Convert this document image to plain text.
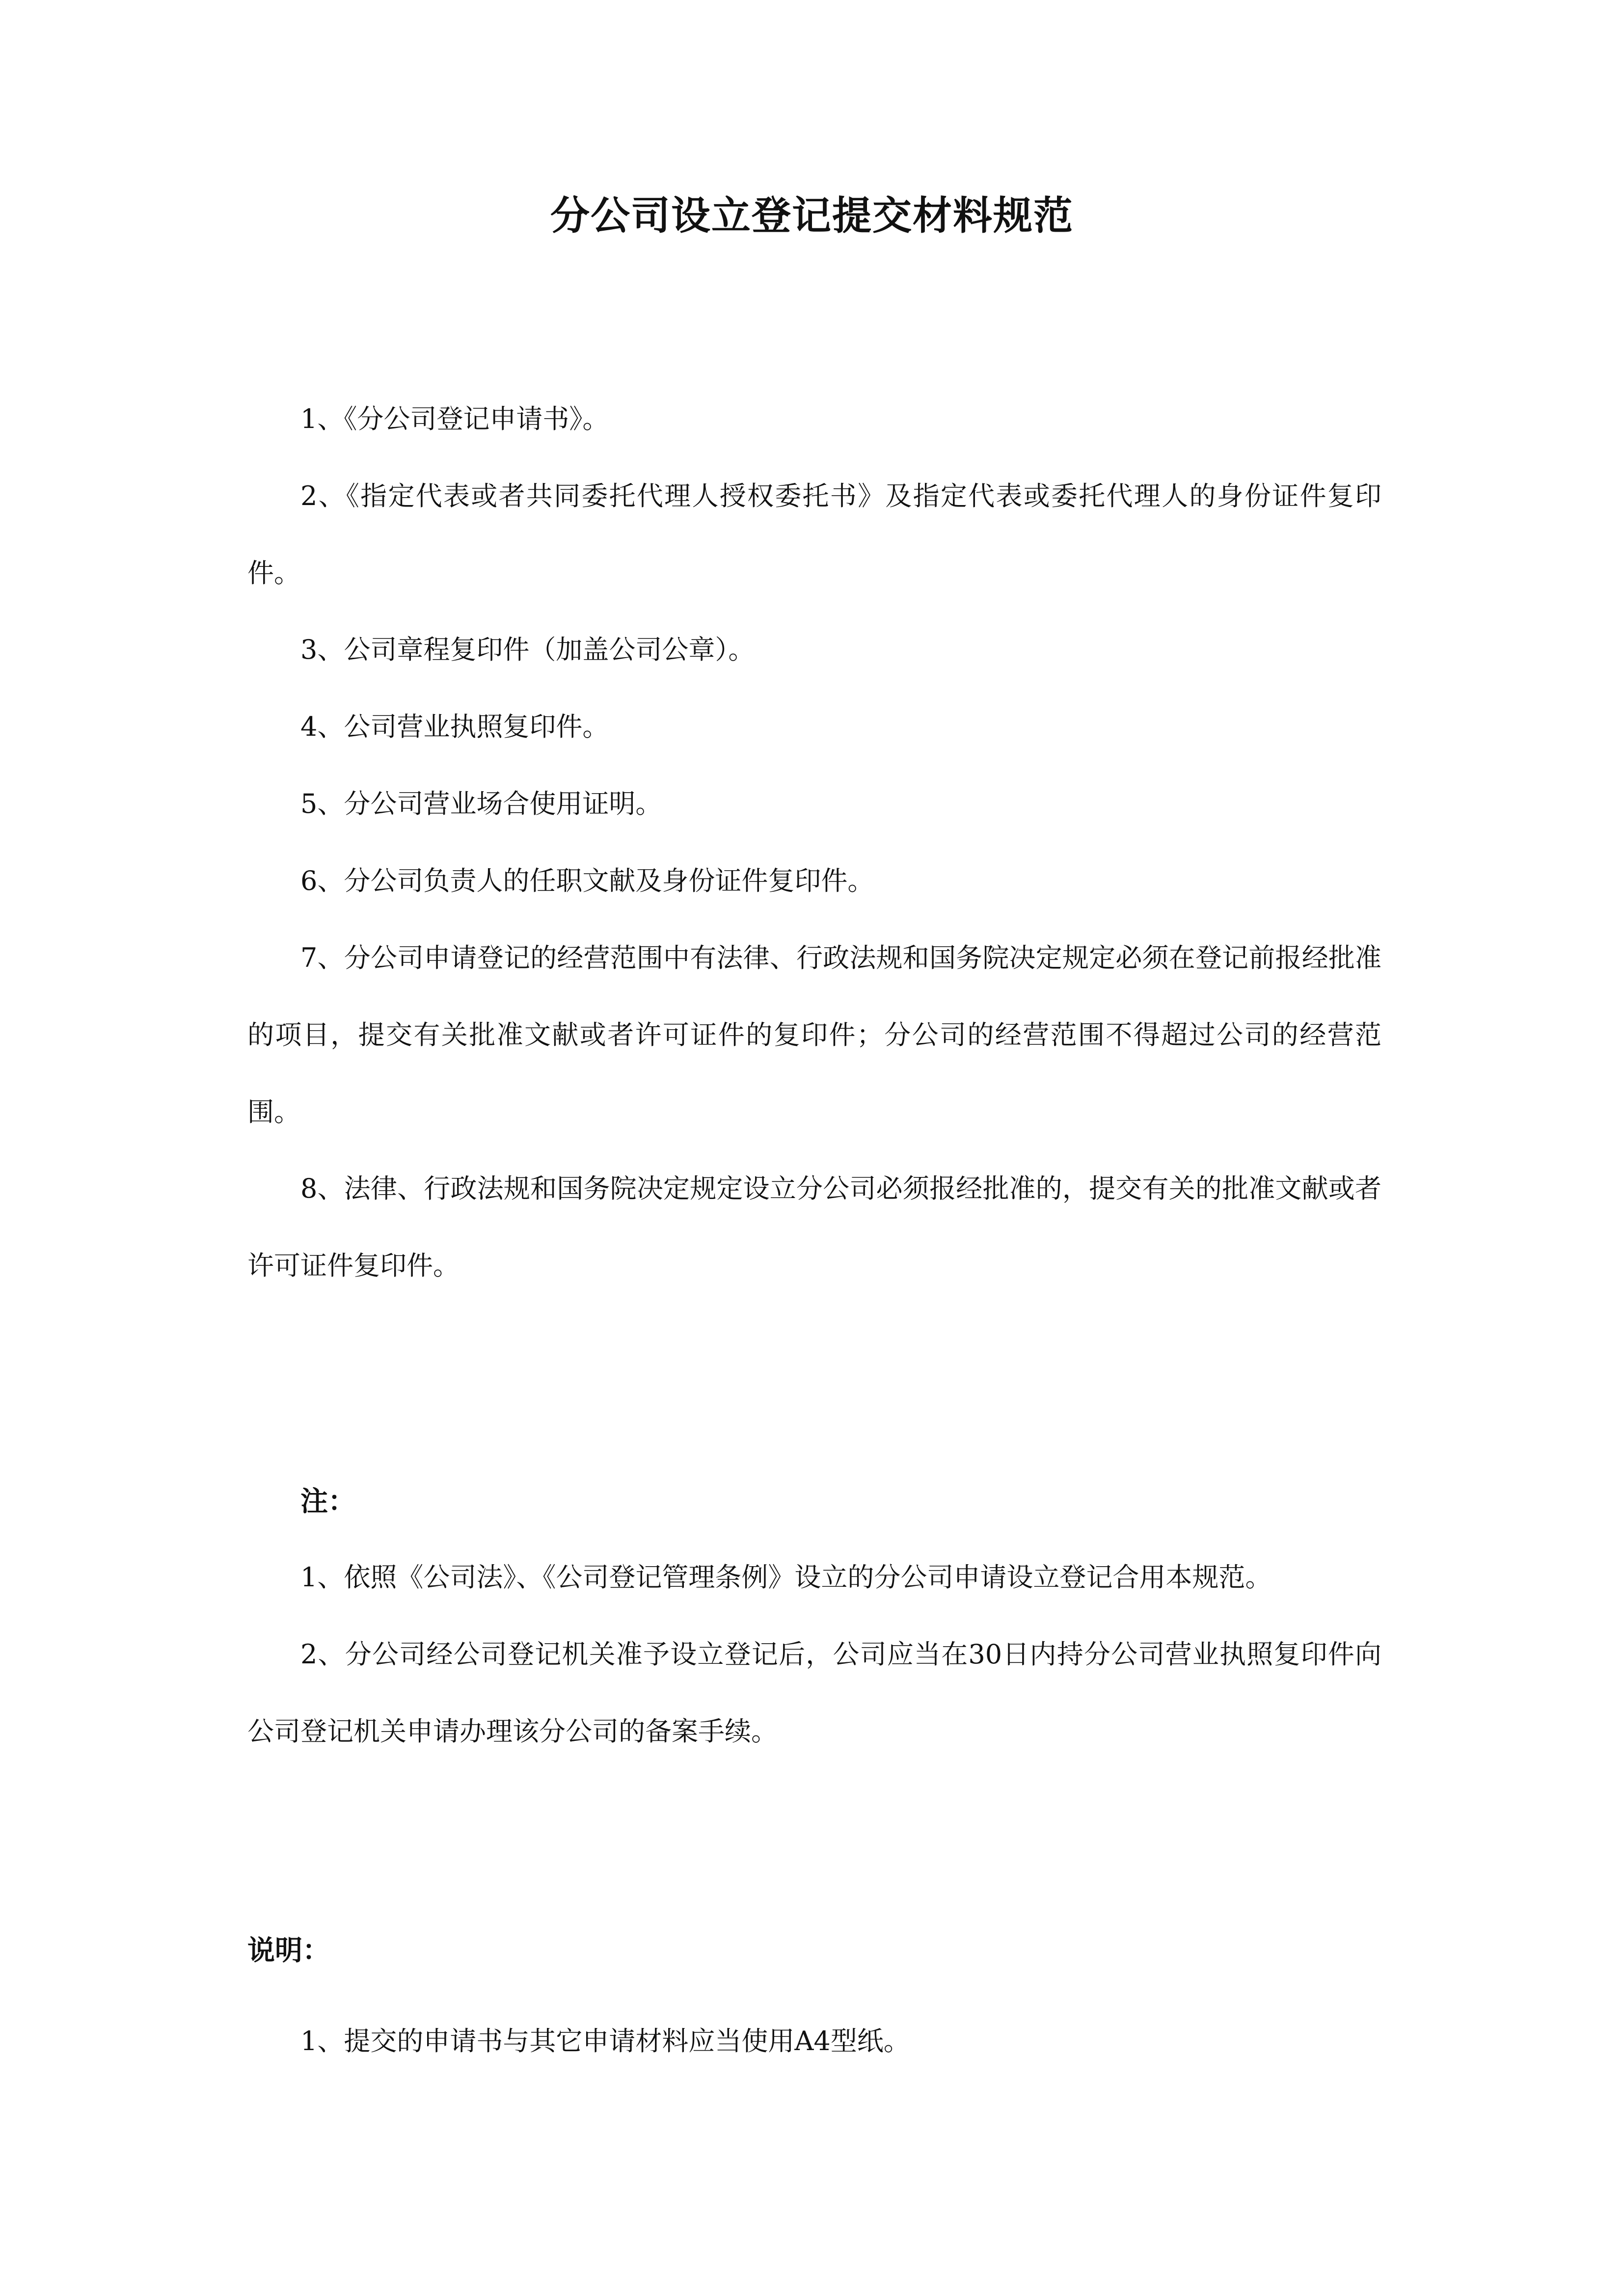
分公司设立登记提交材料规范

1、《分公司登记申请书》。

2、《指定代表或者共同委托代理人授权委托书》及指定代表或委托代理人的身份证件复印件。

3、公司章程复印件（加盖公司公章）。

4、公司营业执照复印件。

5、分公司营业场合使用证明。

6、分公司负责人的任职文献及身份证件复印件。

7、分公司申请登记的经营范围中有法律、行政法规和国务院决定规定必须在登记前报经批准的项目，提交有关批准文献或者许可证件的复印件；分公司的经营范围不得超过公司的经营范围。

8、法律、行政法规和国务院决定规定设立分公司必须报经批准的，提交有关的批准文献或者许可证件复印件。

注：

1、依照《公司法》、《公司登记管理条例》设立的分公司申请设立登记合用本规范。

2、分公司经公司登记机关准予设立登记后，公司应当在30日内持分公司营业执照复印件向公司登记机关申请办理该分公司的备案手续。

说明：

1、提交的申请书与其它申请材料应当使用A4型纸。
